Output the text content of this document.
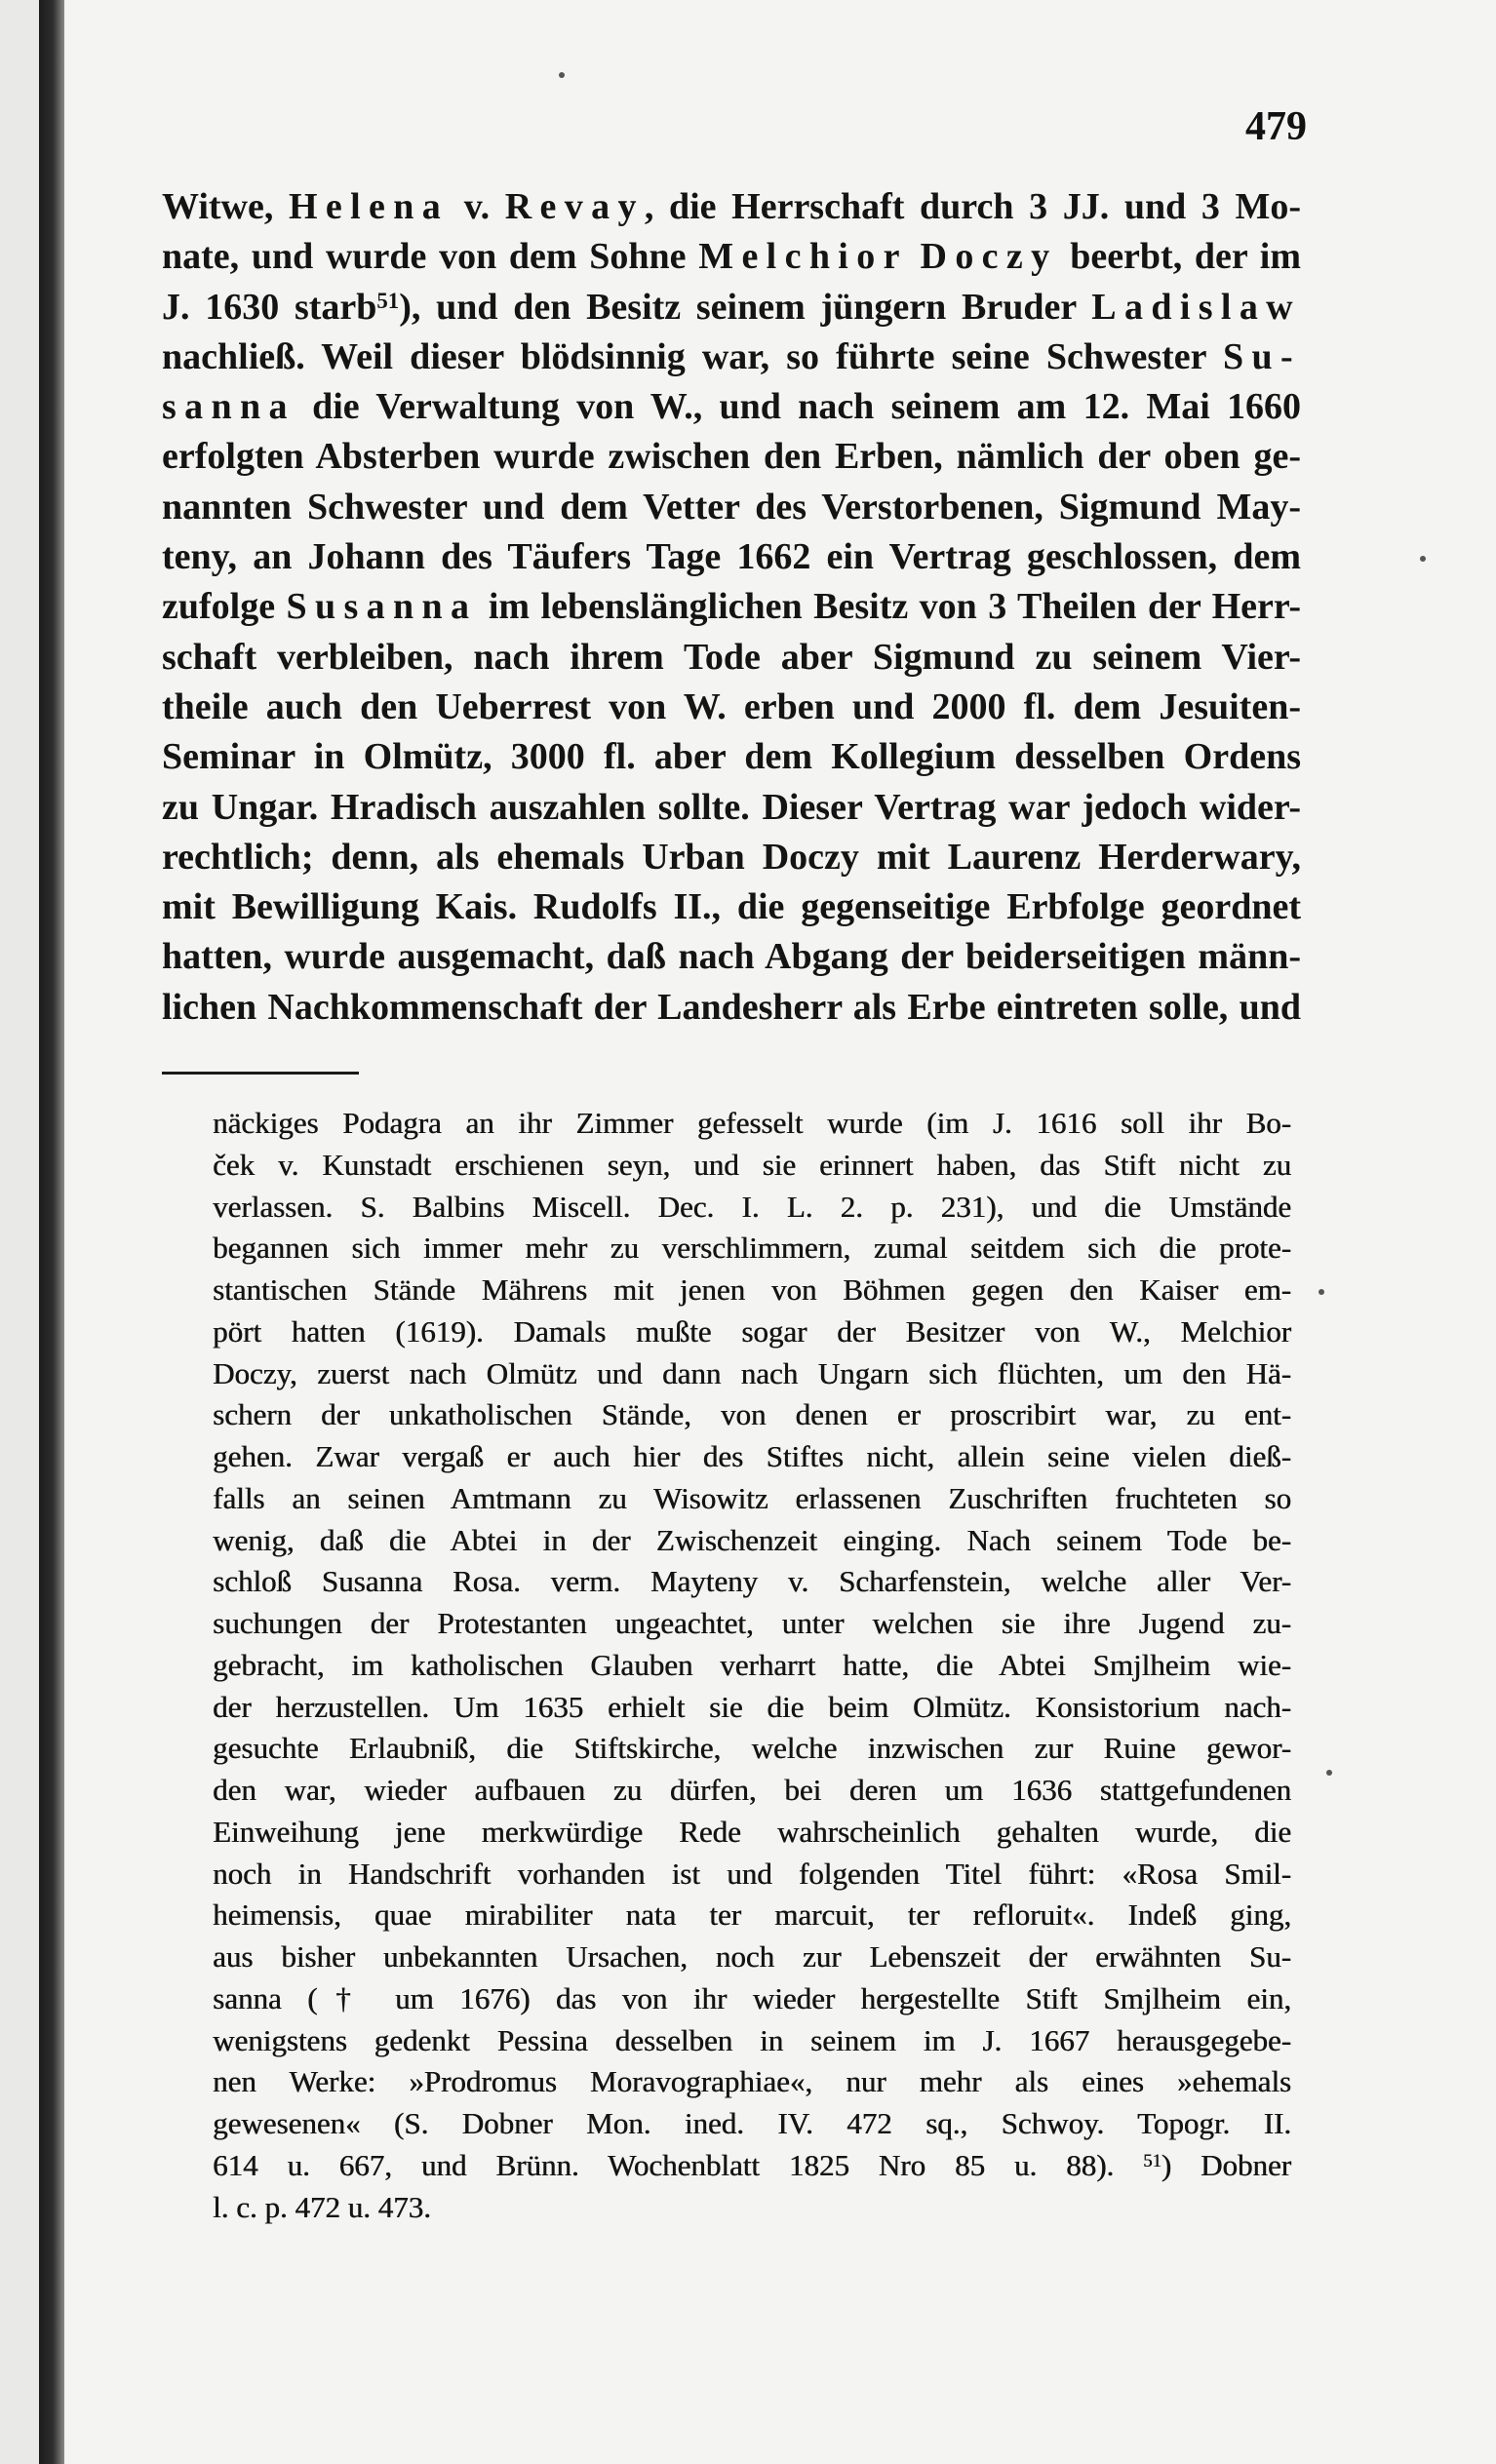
479
Witwe, Helena v. Revay, die Herrschaft durch 3 JJ. und 3 Mo-
nate, und wurde von dem Sohne Melchior Doczy beerbt, der im
J. 1630 starb$^{51}$), und den Besitz seinem jüngern Bruder Ladislaw
nachließ. Weil dieser blödsinnig war, so führte seine Schwester Su-
sanna die Verwaltung von W., und nach seinem am 12. Mai 1660
erfolgten Absterben wurde zwischen den Erben, nämlich der oben ge-
nannten Schwester und dem Vetter des Verstorbenen, Sigmund May-
teny, an Johann des Täufers Tage 1662 ein Vertrag geschlossen, dem
zufolge Susanna im lebenslänglichen Besitz von 3 Theilen der Herr-
schaft verbleiben, nach ihrem Tode aber Sigmund zu seinem Vier-
theile auch den Ueberrest von W. erben und 2000 fl. dem Jesuiten-
Seminar in Olmütz, 3000 fl. aber dem Kollegium desselben Ordens
zu Ungar. Hradisch auszahlen sollte. Dieser Vertrag war jedoch wider-
rechtlich; denn, als ehemals Urban Doczy mit Laurenz Herderwary,
mit Bewilligung Kais. Rudolfs II., die gegenseitige Erbfolge geordnet
hatten, wurde ausgemacht, daß nach Abgang der beiderseitigen männ-
lichen Nachkommenschaft der Landesherr als Erbe eintreten solle, und
näckiges Podagra an ihr Zimmer gefesselt wurde (im J. 1616 soll ihr Bo-
ček v. Kunstadt erschienen seyn, und sie erinnert haben, das Stift nicht zu
verlassen. S. Balbins Miscell. Dec. I. L. 2. p. 231), und die Umstände
begannen sich immer mehr zu verschlimmern, zumal seitdem sich die prote-
stantischen Stände Mährens mit jenen von Böhmen gegen den Kaiser em-
pört hatten (1619). Damals mußte sogar der Besitzer von W., Melchior
Doczy, zuerst nach Olmütz und dann nach Ungarn sich flüchten, um den Hä-
schern der unkatholischen Stände, von denen er proscribirt war, zu ent-
gehen. Zwar vergaß er auch hier des Stiftes nicht, allein seine vielen dieß-
falls an seinen Amtmann zu Wisowitz erlassenen Zuschriften fruchteten so
wenig, daß die Abtei in der Zwischenzeit einging. Nach seinem Tode be-
schloß Susanna Rosa. verm. Mayteny v. Scharfenstein, welche aller Ver-
suchungen der Protestanten ungeachtet, unter welchen sie ihre Jugend zu-
gebracht, im katholischen Glauben verharrt hatte, die Abtei Smjlheim wie-
der herzustellen. Um 1635 erhielt sie die beim Olmütz. Konsistorium nach-
gesuchte Erlaubniß, die Stiftskirche, welche inzwischen zur Ruine gewor-
den war, wieder aufbauen zu dürfen, bei deren um 1636 stattgefundenen
Einweihung jene merkwürdige Rede wahrscheinlich gehalten wurde, die
noch in Handschrift vorhanden ist und folgenden Titel führt: «Rosa Smil-
heimensis, quae mirabiliter nata ter marcuit, ter refloruit«. Indeß ging,
aus bisher unbekannten Ursachen, noch zur Lebenszeit der erwähnten Su-
sanna († um 1676) das von ihr wieder hergestellte Stift Smjlheim ein,
wenigstens gedenkt Pessina desselben in seinem im J. 1667 herausgegebe-
nen Werke: »Prodromus Moravographiae«, nur mehr als eines »ehemals
gewesenen« (S. Dobner Mon. ined. IV. 472 sq., Schwoy. Topogr. II.
614 u. 667, und Brünn. Wochenblatt 1825 Nro 85 u. 88). $^{51}$) Dobner
l. c. p. 472 u. 473.
